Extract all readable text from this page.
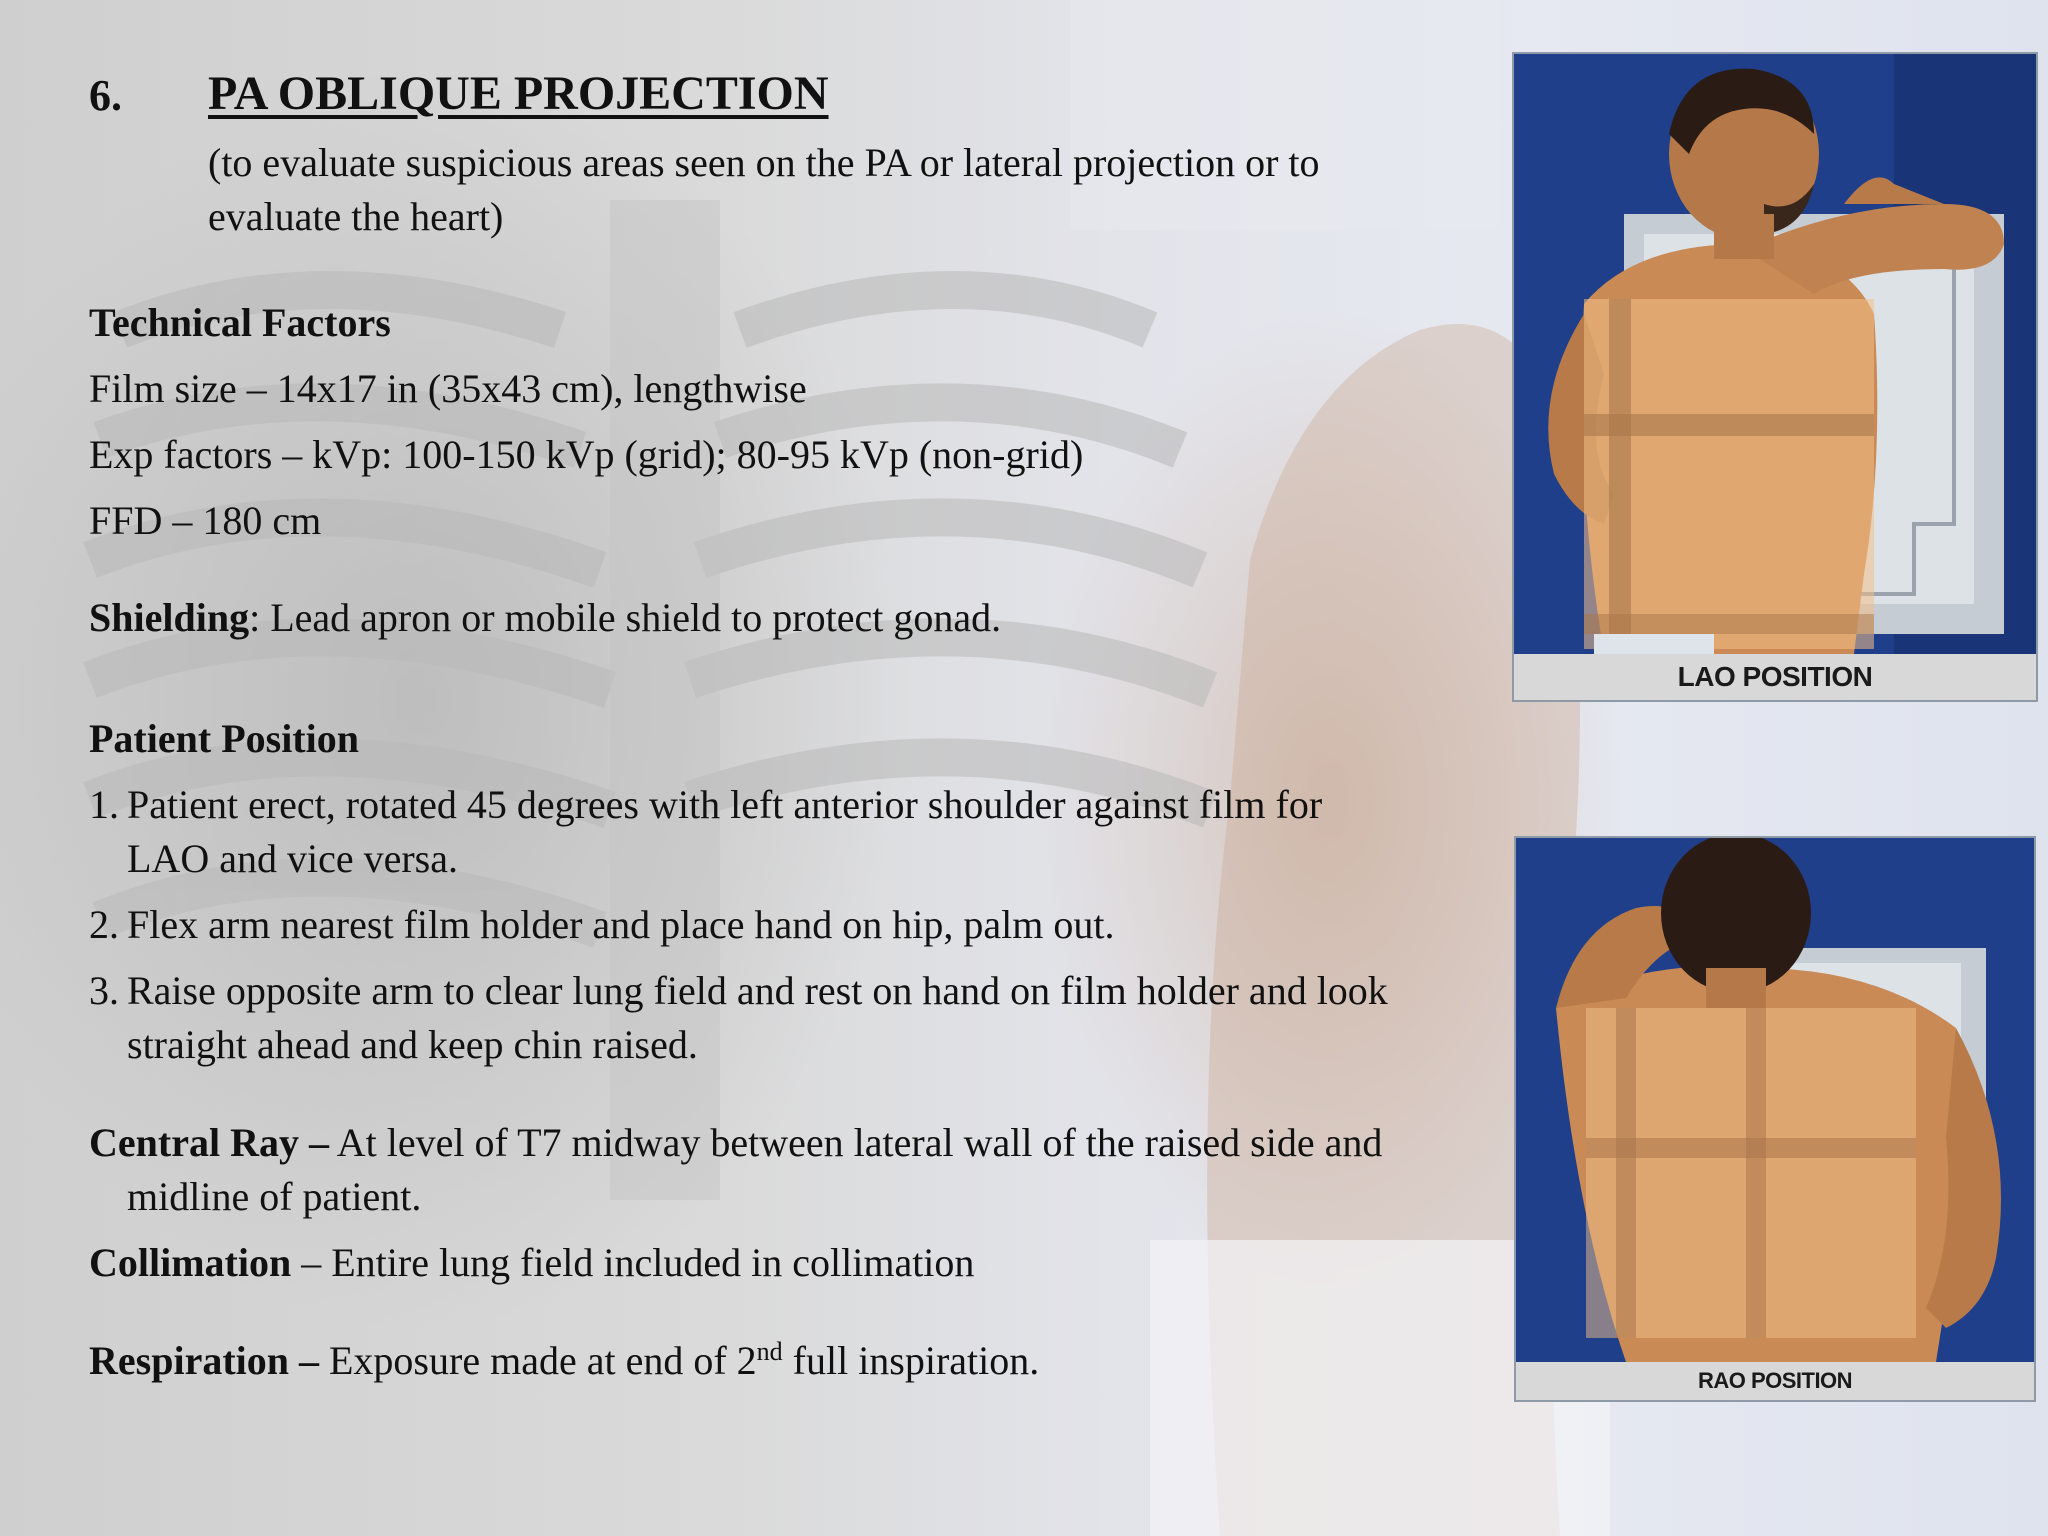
6. PA OBLIQUE PROJECTION
(to evaluate suspicious areas seen on the PA or lateral projection or to evaluate the heart)
Technical Factors
Film size – 14x17 in (35x43 cm), lengthwise
Exp factors – kVp: 100-150 kVp (grid); 80-95 kVp (non-grid)
FFD – 180 cm
Shielding: Lead apron or mobile shield to protect gonad.
Patient Position
1. Patient erect, rotated 45 degrees with left anterior shoulder against film for LAO and vice versa.
2. Flex arm nearest film holder and place hand on hip, palm out.
3. Raise opposite arm to clear lung field and rest on hand on film holder and look straight ahead and keep chin raised.
Central Ray – At level of T7 midway between lateral wall of the raised side and midline of patient.
Collimation – Entire lung field included in collimation
Respiration – Exposure made at end of 2nd full inspiration.
LAO POSITION
RAO POSITION
